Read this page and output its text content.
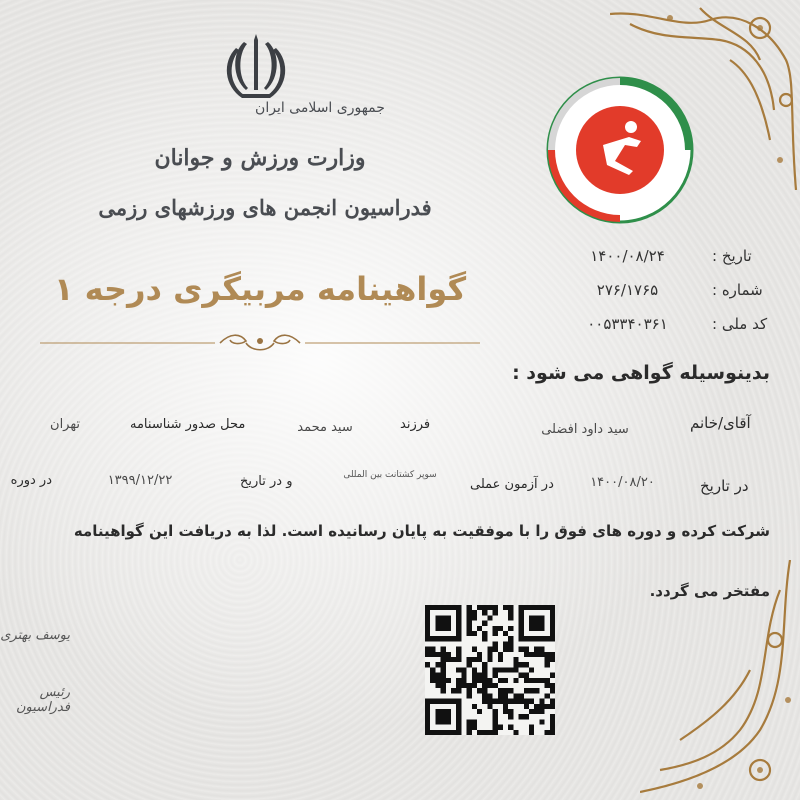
جمهوری اسلامی ایران
وزارت ورزش و جوانان
فدراسیون انجمن های ورزشهای رزمی
گواهینامه مربیگری درجه ۱
تاریخ :
۱۴۰۰/۰۸/۲۴
شماره :
۲۷۶/۱۷۶۵
کد ملی :
۰۰۵۳۳۴۰۳۶۱
بدینوسیله گواهی می شود :
آقای/خانم
سید داود افضلی
فرزند
سید محمد
محل صدور شناسنامه
تهران
در تاریخ
۱۴۰۰/۰۸/۲۰
در آزمون عملی
سوپر کشتانت بین المللی
و در تاریخ
۱۳۹۹/۱۲/۲۲
در دوره
شرکت کرده و دوره های فوق را با موفقیت به پایان رسانیده است. لذا به دریافت این گواهینامه
مفتخر می گردد.
یوسف بهتری
رئیس فدراسیون
